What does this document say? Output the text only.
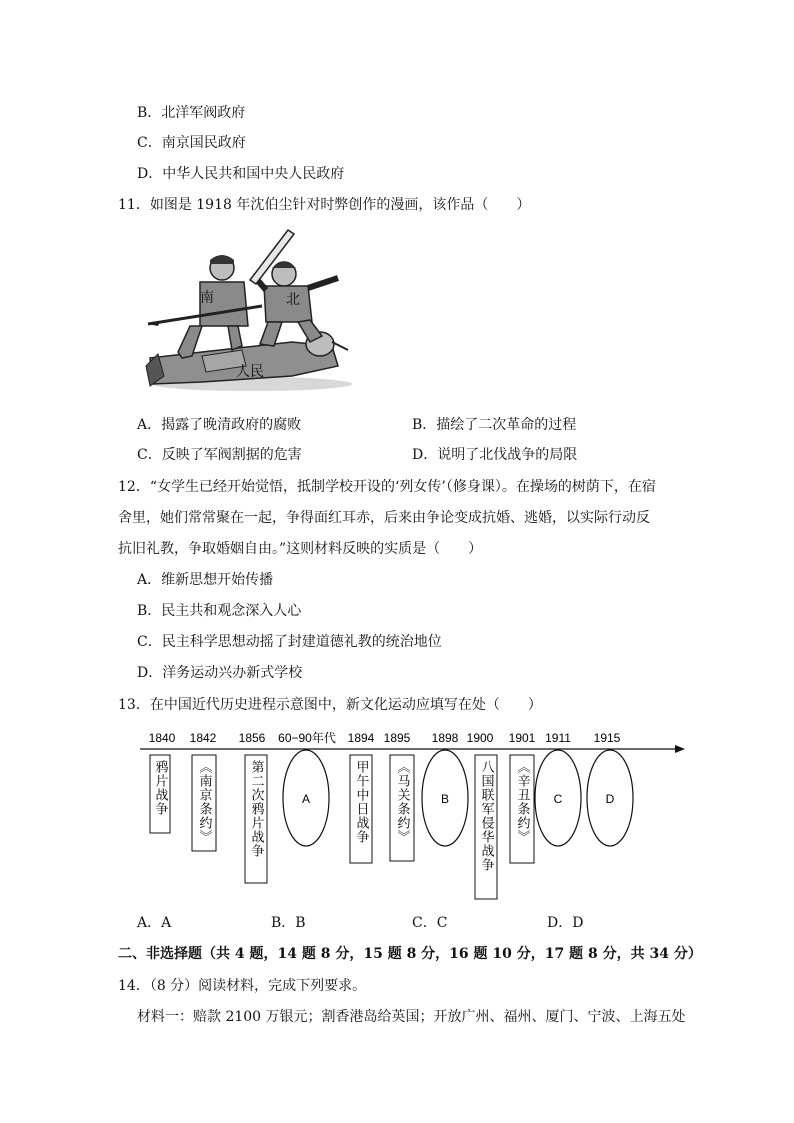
B．北洋军阀政府
C．南京国民政府
D．中华人民共和国中央人民政府
11．如图是 1918 年沈伯尘针对时弊创作的漫画，该作品（　　）
南	北
人民
A．揭露了晚清政府的腐败	B．描绘了二次革命的过程
C．反映了军阀割据的危害	D．说明了北伐战争的局限
12．“女学生已经开始觉悟，抵制学校开设的‘列女传’（修身课）。在操场的树荫下，在宿
舍里，她们常常聚在一起，争得面红耳赤，后来由争论变成抗婚、逃婚，以实际行动反
抗旧礼教，争取婚姻自由。”这则材料反映的实质是（　　）
A．维新思想开始传播
B．民主共和观念深入人心
C．民主科学思想动摇了封建道德礼教的统治地位
D．洋务运动兴办新式学校
13．在中国近代历史进程示意图中，新文化运动应填写在处（　　）
1840 1842 1856 60−90年代 1894 1895 1898 1900 1901 1911 1915
鸦片战争 《南京条约》	第二次鸦片战争	甲午中日战争 《马关条约》	八国联军侵华战争 《辛丑条约》
A	B	C	D
A．A	B．B	C．C	D．D
二、非选择题（共 4 题，14 题 8 分，15 题 8 分，16 题 10 分，17 题 8 分，共 34 分）
14．（8 分）阅读材料，完成下列要求。
材料一：赔款 2100 万银元；割香港岛给英国；开放广州、福州、厦门、宁波、上海五处
